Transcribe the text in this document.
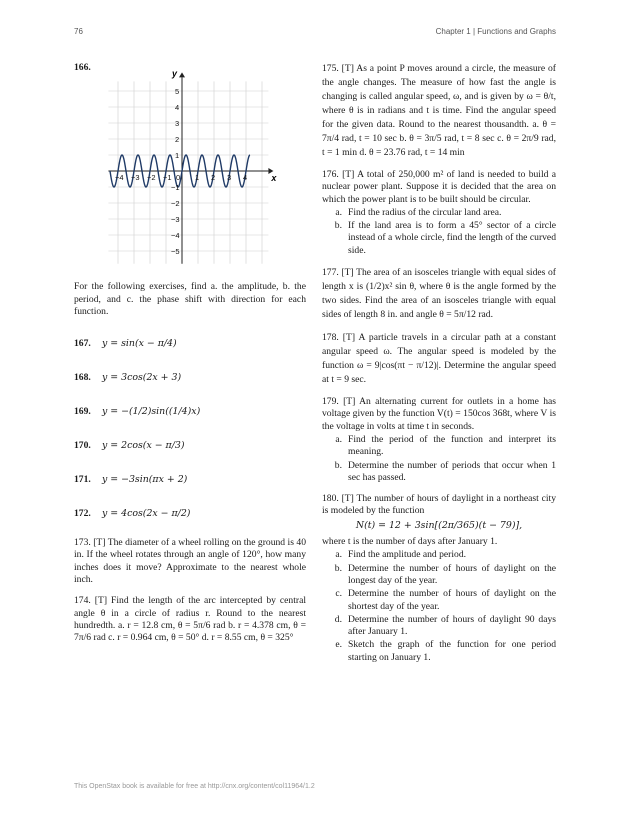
76	Chapter 1 | Functions and Graphs
166.
−4 −3 −2 −1 0 1 2 3 4
5
4
3
2
1
−1
−2
−3
−4
−5
x
y

For the following exercises, find a. the amplitude, b. the period, and c. the phase shift with direction for each function.

167.	y = sin(x − π/4)
168.	y = 3cos(2x + 3)
169.	y = −(1/2)sin((1/4)x)
170.	y = 2cos(x − π/3)
171.	y = −3sin(πx + 2)
172.	y = 4cos(2x − π/2)

173. [T] The diameter of a wheel rolling on the ground is 40 in. If the wheel rotates through an angle of 120°, how many inches does it move? Approximate to the nearest whole inch.

174. [T] Find the length of the arc intercepted by central angle θ in a circle of radius r. Round to the nearest hundredth. a. r = 12.8 cm, θ = 5π/6 rad b. r = 4.378 cm, θ = 7π/6 rad c. r = 0.964 cm, θ = 50° d. r = 8.55 cm, θ = 325°

175. [T] As a point P moves around a circle, the measure of the angle changes. The measure of how fast the angle is changing is called angular speed, ω, and is given by ω = θ/t, where θ is in radians and t is time. Find the angular speed for the given data. Round to the nearest thousandth. a. θ = 7π/4 rad, t = 10 sec b. θ = 3π/5 rad, t = 8 sec c. θ = 2π/9 rad, t = 1 min d. θ = 23.76 rad, t = 14 min

176. [T] A total of 250,000 m² of land is needed to build a nuclear power plant. Suppose it is decided that the area on which the power plant is to be built should be circular.

a. Find the radius of the circular land area.
b. If the land area is to form a 45° sector of a circle instead of a whole circle, find the length of the curved side.

177. [T] The area of an isosceles triangle with equal sides of length x is (1/2)x² sin θ, where θ is the angle formed by the two sides. Find the area of an isosceles triangle with equal sides of length 8 in. and angle θ = 5π/12 rad.

178. [T] A particle travels in a circular path at a constant angular speed ω. The angular speed is modeled by the function ω = 9|cos(πt − π/12)|. Determine the angular speed at t = 9 sec.

179. [T] An alternating current for outlets in a home has voltage given by the function V(t) = 150cos 368t, where V is the voltage in volts at time t in seconds.

a. Find the period of the function and interpret its meaning.
b. Determine the number of periods that occur when 1 sec has passed.

180. [T] The number of hours of daylight in a northeast city is modeled by the function

N(t) = 12 + 3sin[(2π/365)(t − 79)],
where t is the number of days after January 1.
a. Find the amplitude and period.
b. Determine the number of hours of daylight on the longest day of the year.
c. Determine the number of hours of daylight on the shortest day of the year.
d. Determine the number of hours of daylight 90 days after January 1.
e. Sketch the graph of the function for one period starting on January 1.
This OpenStax book is available for free at http://cnx.org/content/col11964/1.2
